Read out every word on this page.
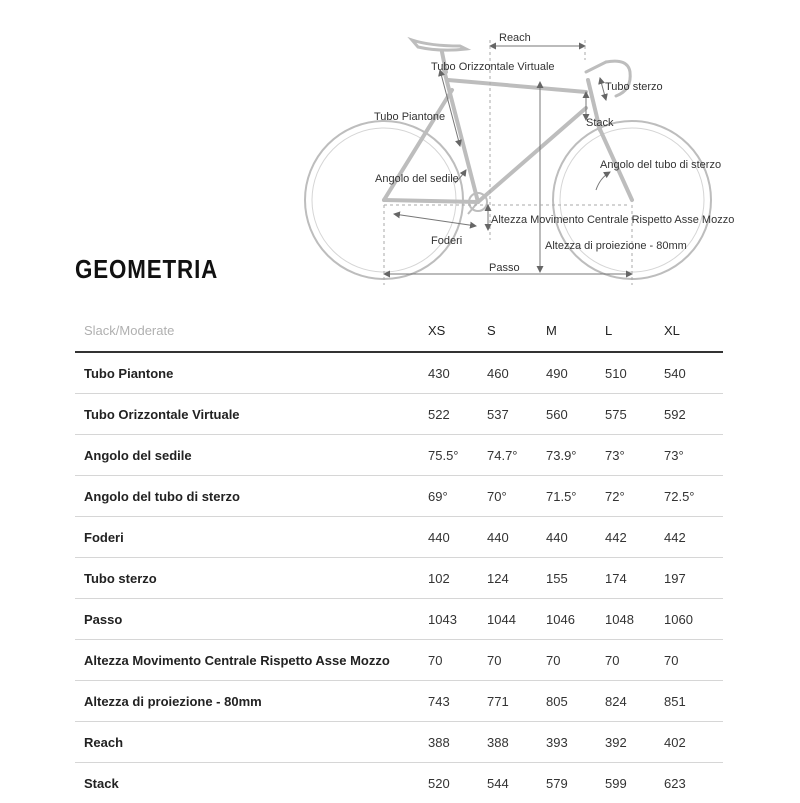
Reach
Tubo Orizzontale Virtuale
Tubo sterzo
Tubo Piantone	Stack
Angolo del tubo di sterzo
Angolo del sedile
Altezza Movimento Centrale Rispetto Asse Mozzo
Foderi	Altezza di proiezione - 80mm
Passo
GEOMETRIA
Slack/Moderate	XS	S	M	L	XL
Tubo Piantone	430	460	490	510	540
Tubo Orizzontale Virtuale	522	537	560	575	592
Angolo del sedile	75.5°	74.7°	73.9°	73°	73°
Angolo del tubo di sterzo	69°	70°	71.5°	72°	72.5°
Foderi	440	440	440	442	442
Tubo sterzo	102	124	155	174	197
Passo	1043	1044	1046	1048	1060
Altezza Movimento Centrale Rispetto Asse Mozzo	70	70	70	70	70
Altezza di proiezione - 80mm	743	771	805	824	851
Reach	388	388	393	392	402
Stack	520	544	579	599	623
